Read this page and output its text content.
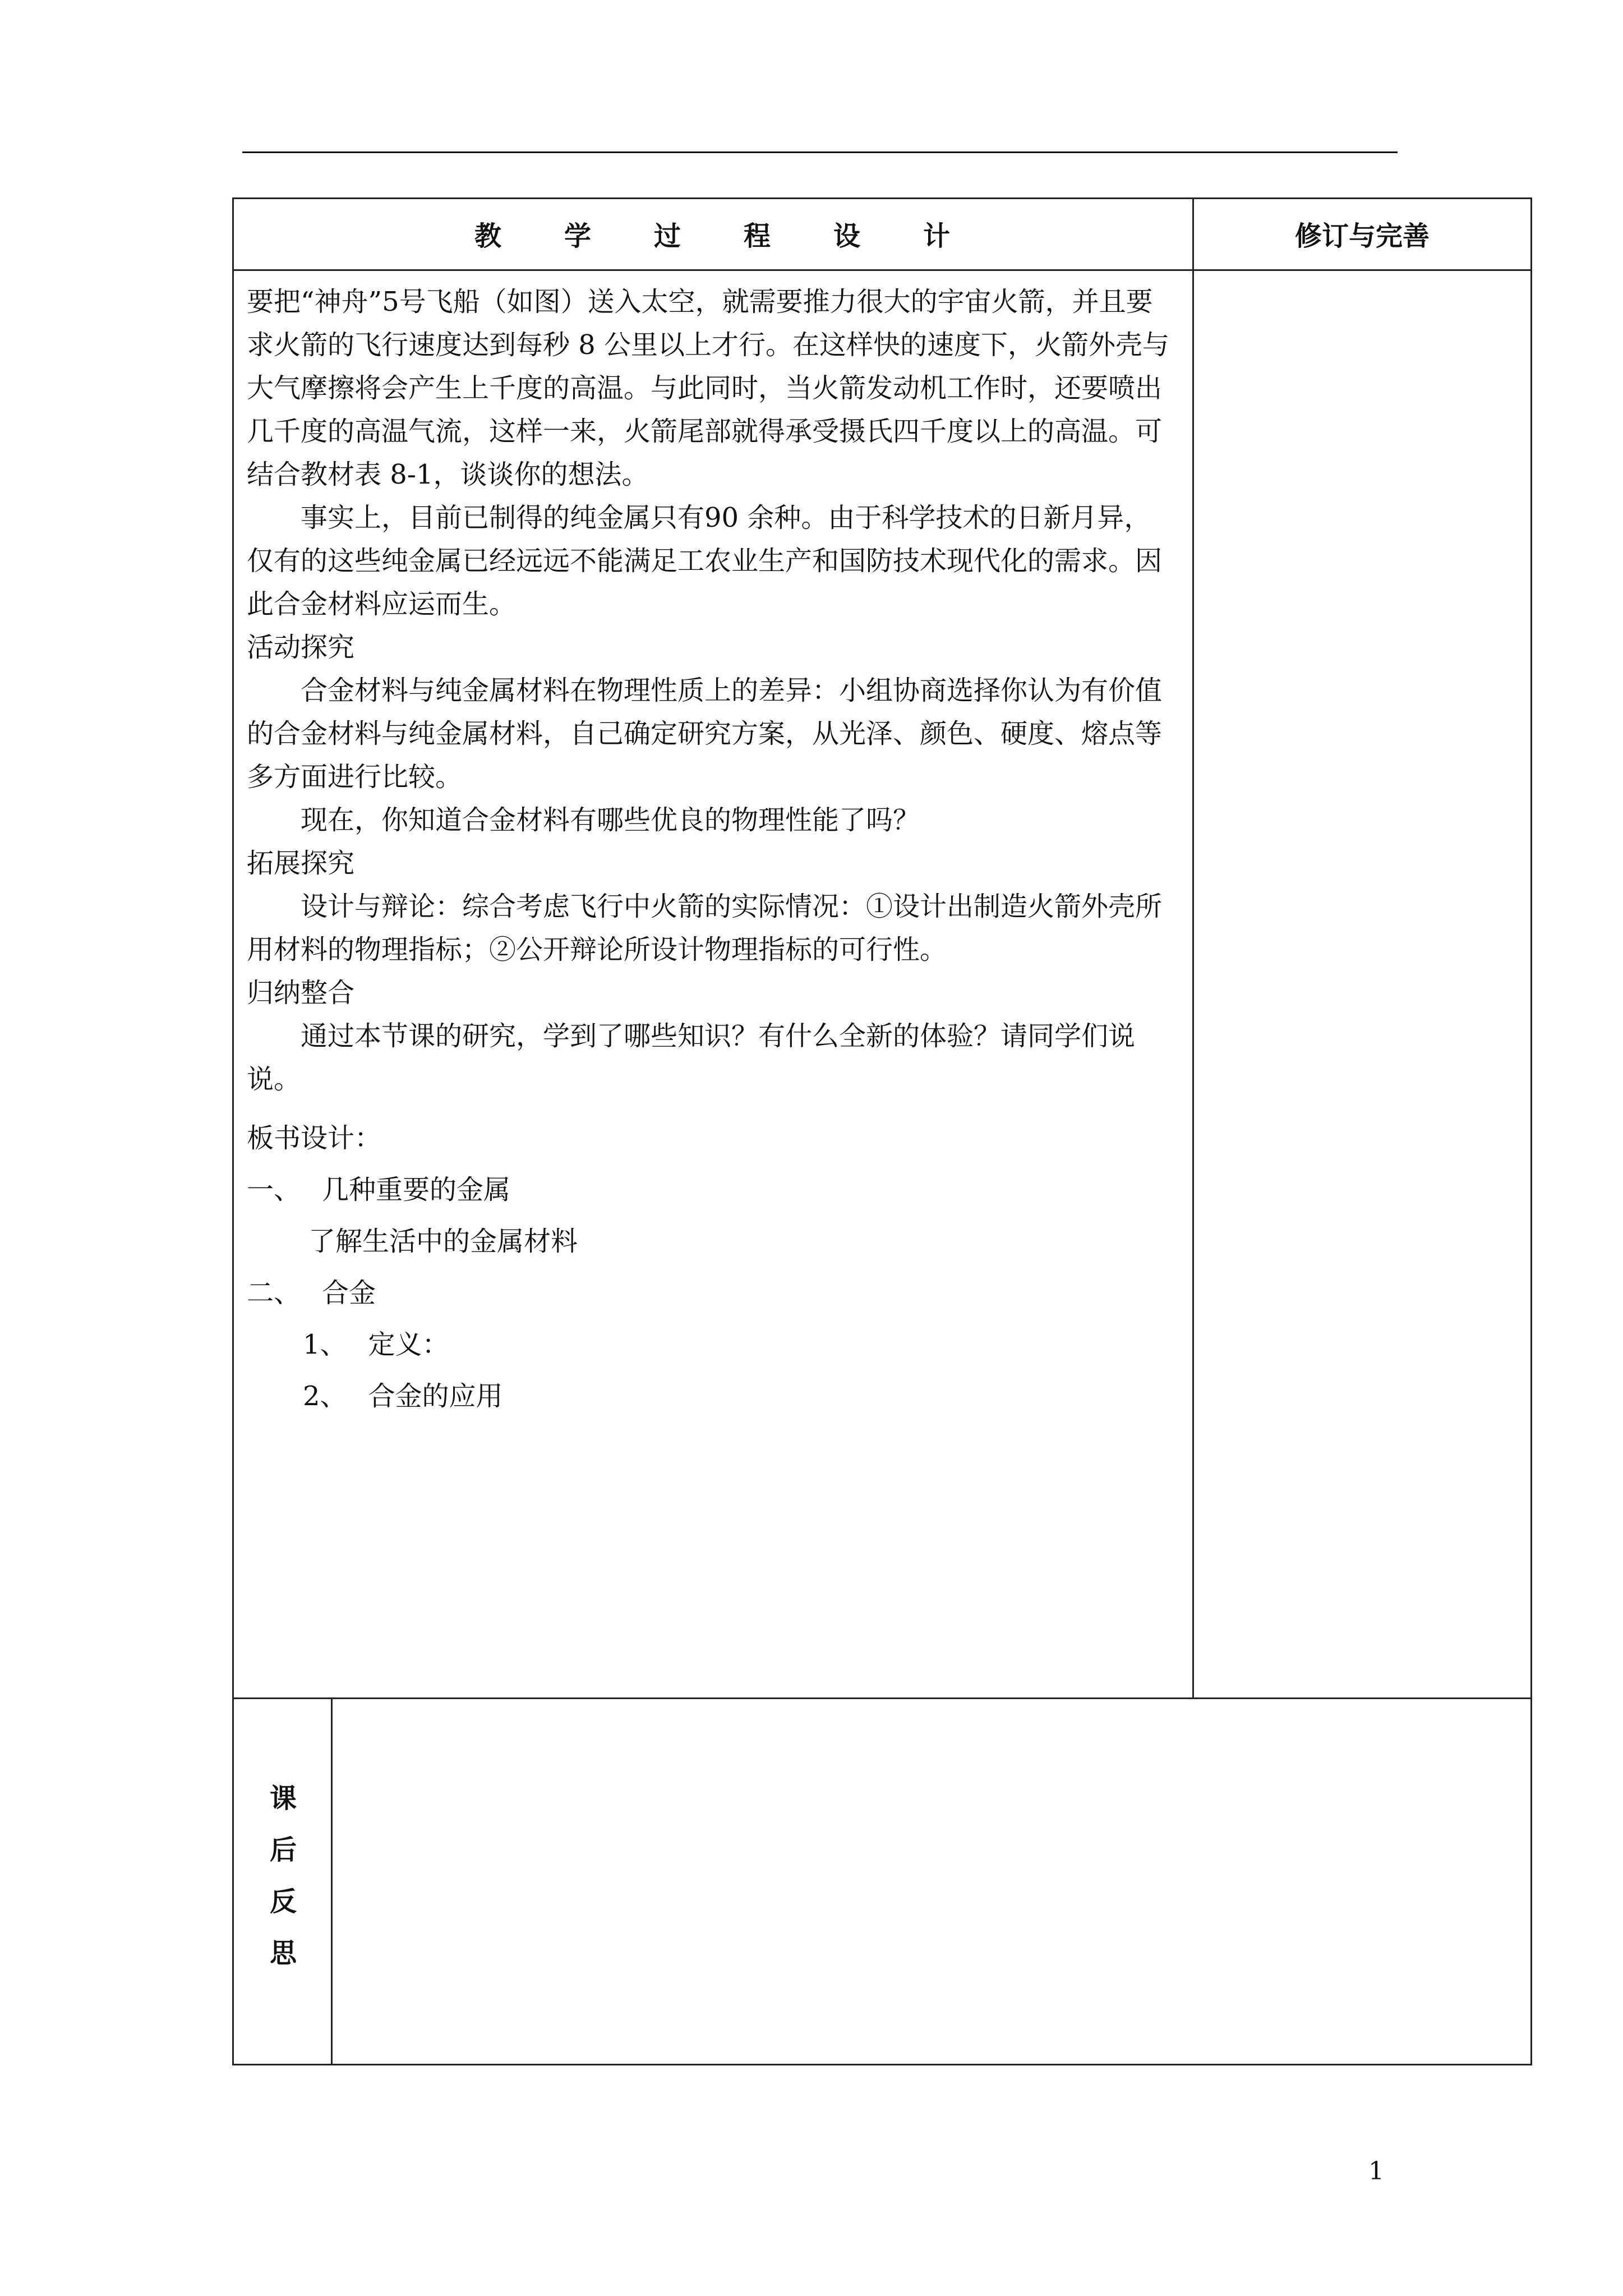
教 学 过 程 设 计	修订与完善

要把“神舟”5号飞船（如图）送入太空，就需要推力很大的宇宙火箭，并且要求火箭的飞行速度达到每秒 8 公里以上才行。在这样快的速度下，火箭外壳与大气摩擦将会产生上千度的高温。与此同时，当火箭发动机工作时，还要喷出几千度的高温气流，这样一来，火箭尾部就得承受摄氏四千度以上的高温。可结合教材表 8-1，谈谈你的想法。

事实上，目前已制得的纯金属只有90 余种。由于科学技术的日新月异，仅有的这些纯金属已经远远不能满足工农业生产和国防技术现代化的需求。因此合金材料应运而生。

活动探究

合金材料与纯金属材料在物理性质上的差异：小组协商选择你认为有价值的合金材料与纯金属材料，自己确定研究方案，从光泽、颜色、硬度、熔点等多方面进行比较。

现在，你知道合金材料有哪些优良的物理性能了吗？

拓展探究

设计与辩论：综合考虑飞行中火箭的实际情况：①设计出制造火箭外壳所用材料的物理指标；②公开辩论所设计物理指标的可行性。

归纳整合

通过本节课的研究，学到了哪些知识？有什么全新的体验？请同学们说说。

板书设计：

一、 几种重要的金属

了解生活中的金属材料

二、 合金

1、 定义：

2、 合金的应用

课
后
反
思
1
